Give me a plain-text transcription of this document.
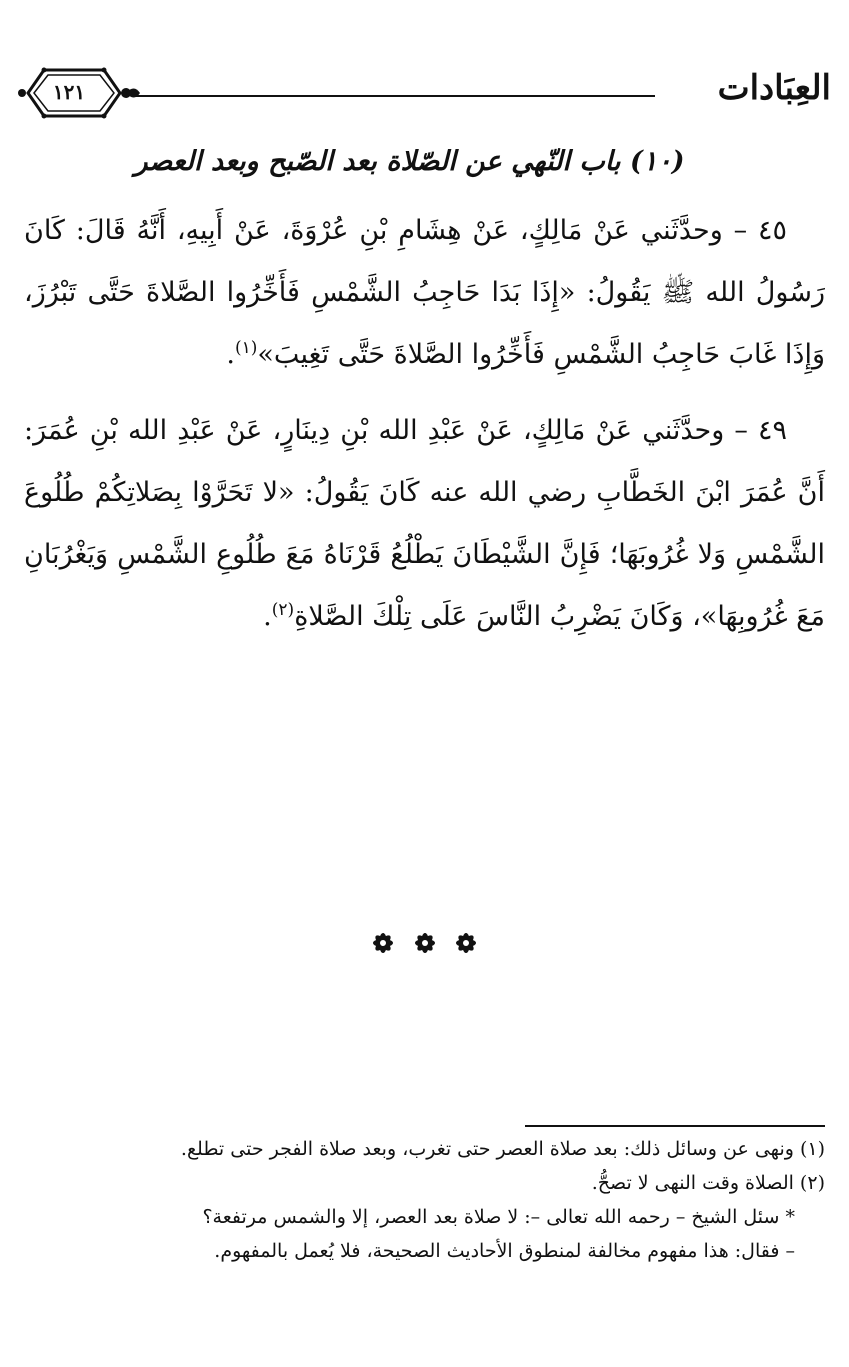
العِبَادات
١٢١
(١٠) باب النّهي عن الصّلاة بعد الصّبح وبعد العصر
٤٥ – وحدَّثَني عَنْ مَالِكٍ، عَنْ هِشَامِ بْنِ عُرْوَةَ، عَنْ أَبِيهِ، أَنَّهُ قَالَ: كَانَ رَسُولُ الله ﷺ يَقُولُ: «إِذَا بَدَا حَاجِبُ الشَّمْسِ فَأَخِّرُوا الصَّلاةَ حَتَّى تَبْرُزَ، وَإِذَا غَابَ حَاجِبُ الشَّمْسِ فَأَخِّرُوا الصَّلاةَ حَتَّى تَغِيبَ»$^{(١)}$.
٤٩ – وحدَّثَني عَنْ مَالِكٍ، عَنْ عَبْدِ الله بْنِ دِينَارٍ، عَنْ عَبْدِ الله بْنِ عُمَرَ: أَنَّ عُمَرَ ابْنَ الخَطَّابِ رضي الله عنه كَانَ يَقُولُ: «لا تَحَرَّوْا بِصَلاتِكُمْ طُلُوعَ الشَّمْسِ وَلا غُرُوبَهَا؛ فَإِنَّ الشَّيْطَانَ يَطْلُعُ قَرْنَاهُ مَعَ طُلُوعِ الشَّمْسِ وَيَغْرُبَانِ مَعَ غُرُوبِهَا»، وَكَانَ يَضْرِبُ النَّاسَ عَلَى تِلْكَ الصَّلاةِ$^{(٢)}$.

(١) ونهى عن وسائل ذلك: بعد صلاة العصر حتى تغرب، وبعد صلاة الفجر حتى تطلع.
(٢) الصلاة وقت النهى لا تصحُّ.
* سئل الشيخ – رحمه الله تعالى –: لا صلاة بعد العصر، إلا والشمس مرتفعة؟
– فقال: هذا مفهوم مخالفة لمنطوق الأحاديث الصحيحة، فلا يُعمل بالمفهوم.
